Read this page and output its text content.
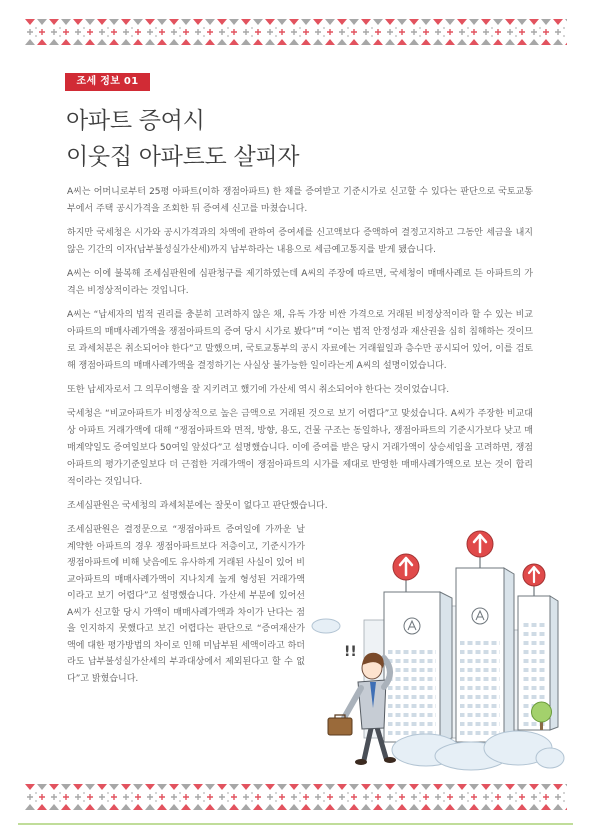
조세 정보 01
아파트 증여시
이웃집 아파트도 살피자

A씨는 어머니로부터 25평 아파트(이하 쟁점아파트) 한 채를 증여받고 기준시가로 신고할 수 있다는 판단으로 국토교통부에서 주택 공시가격을 조회한 뒤 증여세 신고를 마쳤습니다.

하지만 국세청은 시가와 공시가격과의 차액에 관하여 증여세를 신고액보다 증액하여 결정고지하고 그동안 세금을 내지 않은 기간의 이자(납부불성실가산세)까지 납부하라는 내용으로 세금예고통지를 받게 됐습니다.

A씨는 이에 불복해 조세심판원에 심판청구를 제기하였는데 A씨의 주장에 따르면, 국세청이 매매사례로 든 아파트의 가격은 비정상적이라는 것입니다.

A씨는 “납세자의 법적 권리를 충분히 고려하지 않은 채, 유독 가장 비싼 가격으로 거래된 비정상적이라 할 수 있는 비교아파트의 매매사례가액을 쟁점아파트의 증여 당시 시가로 봤다”며 “이는 법적 안정성과 재산권을 심히 침해하는 것이므로 과세처분은 취소되어야 한다”고 말했으며, 국토교통부의 공시 자료에는 거래월일과 층수만 공시되어 있어, 이를 검토해 쟁점아파트의 매매사례가액을 결정하기는 사실상 불가능한 일이라는게 A씨의 설명이었습니다.

또한 납세자로서 그 의무이행을 잘 지키려고 했기에 가산세 역시 취소되어야 한다는 것이었습니다.

국세청은 “비교아파트가 비정상적으로 높은 금액으로 거래된 것으로 보기 어렵다”고 맞섰습니다. A씨가 주장한 비교대상 아파트 거래가액에 대해 “쟁점아파트와 면적, 방향, 용도, 건물 구조는 동일하나, 쟁점아파트의 기준시가보다 낮고 매매계약일도 증여일보다 50여일 앞섰다”고 설명했습니다. 이에 증여를 받은 당시 거래가액이 상승세임을 고려하면, 쟁점아파트의 평가기준일보다 더 근접한 거래가액이 쟁점아파트의 시가를 제대로 반영한 매매사례가액으로 보는 것이 합리적이라는 것입니다.

조세심판원은 국세청의 과세처분에는 잘못이 없다고 판단했습니다.

조세심판원은 결정문으로 “쟁점아파트 증여일에 가까운 날 계약한 아파트의 경우 쟁점아파트보다 저층이고, 기준시가가 쟁점아파트에 비해 낮음에도 유사하게 거래된 사실이 있어 비교아파트의 매매사례가액이 지나치게 높게 형성된 거래가액이라고 보기 어렵다”고 설명했습니다. 가산세 부분에 있어선 A씨가 신고할 당시 가액이 매매사례가액과 차이가 난다는 점을 인지하지 못했다고 보긴 어렵다는 판단으로 “증여재산가액에 대한 평가방법의 차이로 인해 미납부된 세액이라고 하더라도 납부불성실가산세의 부과대상에서 제외된다고 할 수 없다”고 밝혔습니다.

!!
